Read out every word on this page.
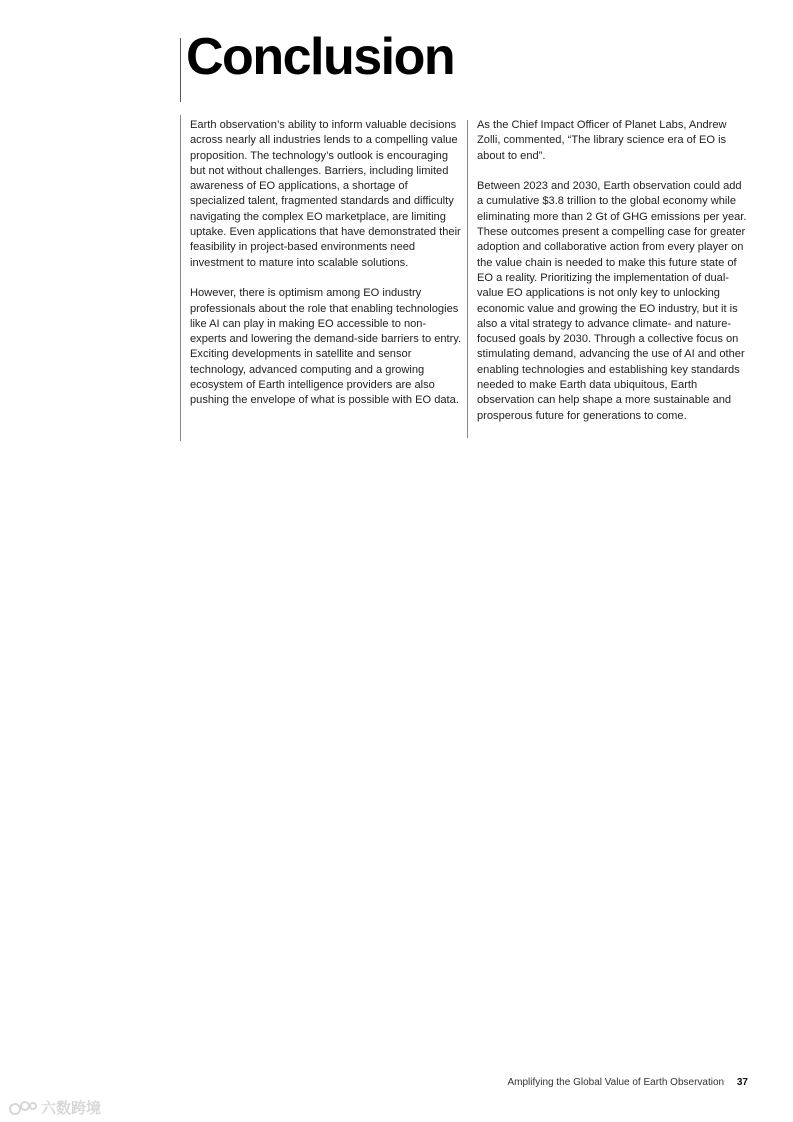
Conclusion

Earth observation’s ability to inform valuable decisions across nearly all industries lends to a compelling value proposition. The technology’s outlook is encouraging but not without challenges. Barriers, including limited awareness of EO applications, a shortage of specialized talent, fragmented standards and difficulty navigating the complex EO marketplace, are limiting uptake. Even applications that have demonstrated their feasibility in project-based environments need investment to mature into scalable solutions.

However, there is optimism among EO industry professionals about the role that enabling technologies like AI can play in making EO accessible to non-experts and lowering the demand-side barriers to entry. Exciting developments in satellite and sensor technology, advanced computing and a growing ecosystem of Earth intelligence providers are also pushing the envelope of what is possible with EO data.

As the Chief Impact Officer of Planet Labs, Andrew Zolli, commented, “The library science era of EO is about to end”.

Between 2023 and 2030, Earth observation could add a cumulative $3.8 trillion to the global economy while eliminating more than 2 Gt of GHG emissions per year. These outcomes present a compelling case for greater adoption and collaborative action from every player on the value chain is needed to make this future state of EO a reality. Prioritizing the implementation of dual-value EO applications is not only key to unlocking economic value and growing the EO industry, but it is also a vital strategy to advance climate- and nature-focused goals by 2030. Through a collective focus on stimulating demand, advancing the use of AI and other enabling technologies and establishing key standards needed to make Earth data ubiquitous, Earth observation can help shape a more sustainable and prosperous future for generations to come.

Amplifying the Global Value of Earth Observation 37
六数跨境
